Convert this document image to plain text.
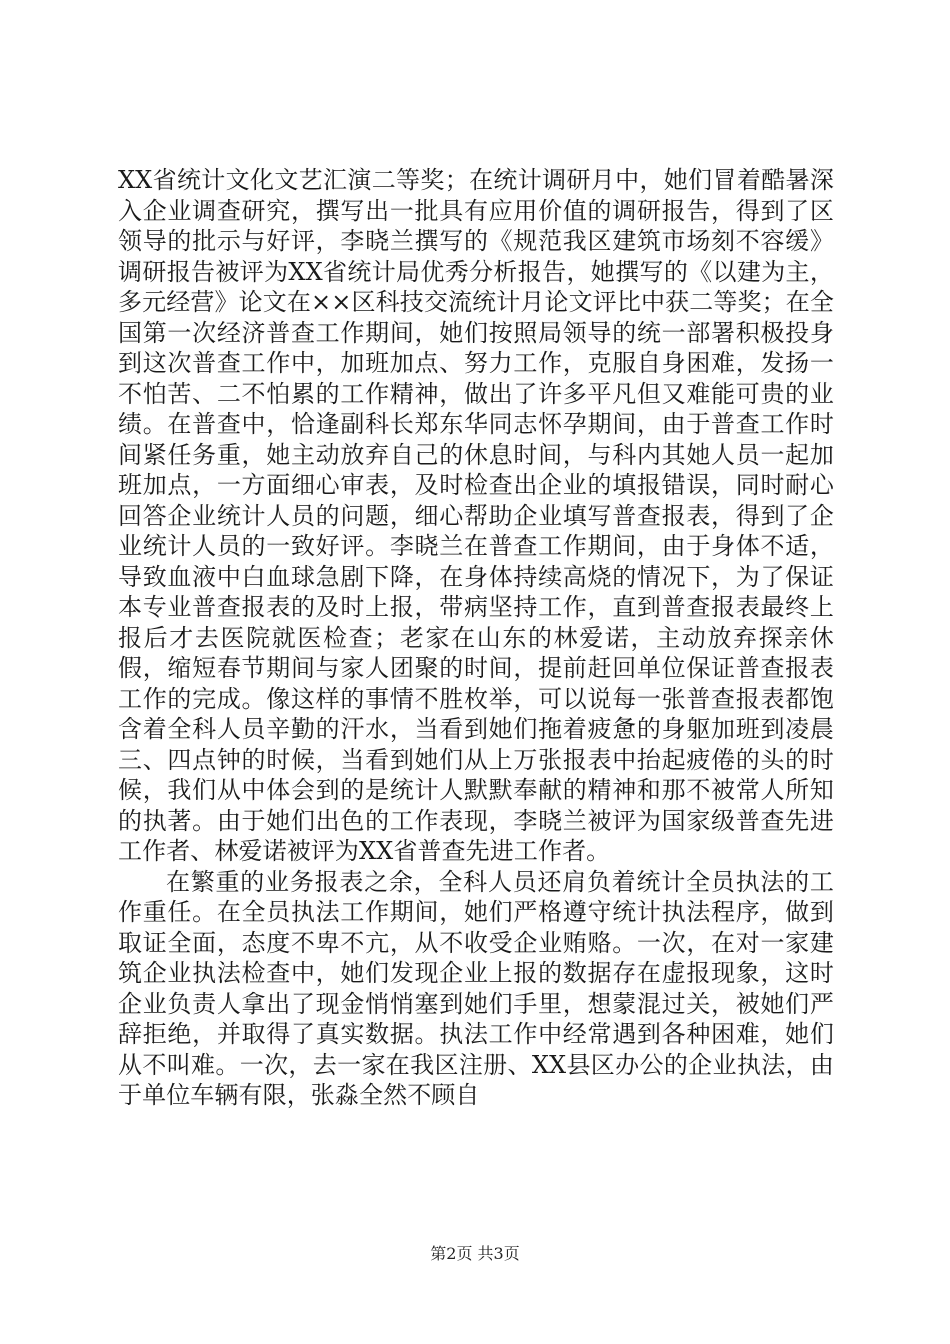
XX省统计文化文艺汇演二等奖；在统计调研月中，她们冒着酷暑深入企业调查研究，撰写出一批具有应用价值的调研报告，得到了区领导的批示与好评，李晓兰撰写的《规范我区建筑市场刻不容缓》调研报告被评为XX省统计局优秀分析报告，她撰写的《以建为主，多元经营》论文在××区科技交流统计月论文评比中获二等奖；在全国第一次经济普查工作期间，她们按照局领导的统一部署积极投身到这次普查工作中，加班加点、努力工作，克服自身困难，发扬一不怕苦、二不怕累的工作精神，做出了许多平凡但又难能可贵的业绩。在普查中，恰逢副科长郑东华同志怀孕期间，由于普查工作时间紧任务重，她主动放弃自己的休息时间，与科内其她人员一起加班加点，一方面细心审表，及时检查出企业的填报错误，同时耐心回答企业统计人员的问题，细心帮助企业填写普查报表，得到了企业统计人员的一致好评。李晓兰在普查工作期间，由于身体不适，导致血液中白血球急剧下降，在身体持续高烧的情况下，为了保证本专业普查报表的及时上报，带病坚持工作，直到普查报表最终上报后才去医院就医检查；老家在山东的林爱诺，主动放弃探亲休假，缩短春节期间与家人团聚的时间，提前赶回单位保证普查报表工作的完成。像这样的事情不胜枚举，可以说每一张普查报表都饱含着全科人员辛勤的汗水，当看到她们拖着疲惫的身躯加班到凌晨三、四点钟的时候，当看到她们从上万张报表中抬起疲倦的头的时候，我们从中体会到的是统计人默默奉献的精神和那不被常人所知的执著。由于她们出色的工作表现，李晓兰被评为国家级普查先进工作者、林爱诺被评为XX省普查先进工作者。

在繁重的业务报表之余，全科人员还肩负着统计全员执法的工作重任。在全员执法工作期间，她们严格遵守统计执法程序，做到取证全面，态度不卑不亢，从不收受企业贿赂。一次，在对一家建筑企业执法检查中，她们发现企业上报的数据存在虚报现象，这时企业负责人拿出了现金悄悄塞到她们手里，想蒙混过关，被她们严辞拒绝，并取得了真实数据。执法工作中经常遇到各种困难，她们从不叫难。一次，去一家在我区注册、XX县区办公的企业执法，由于单位车辆有限，张淼全然不顾自

第2页 共3页
